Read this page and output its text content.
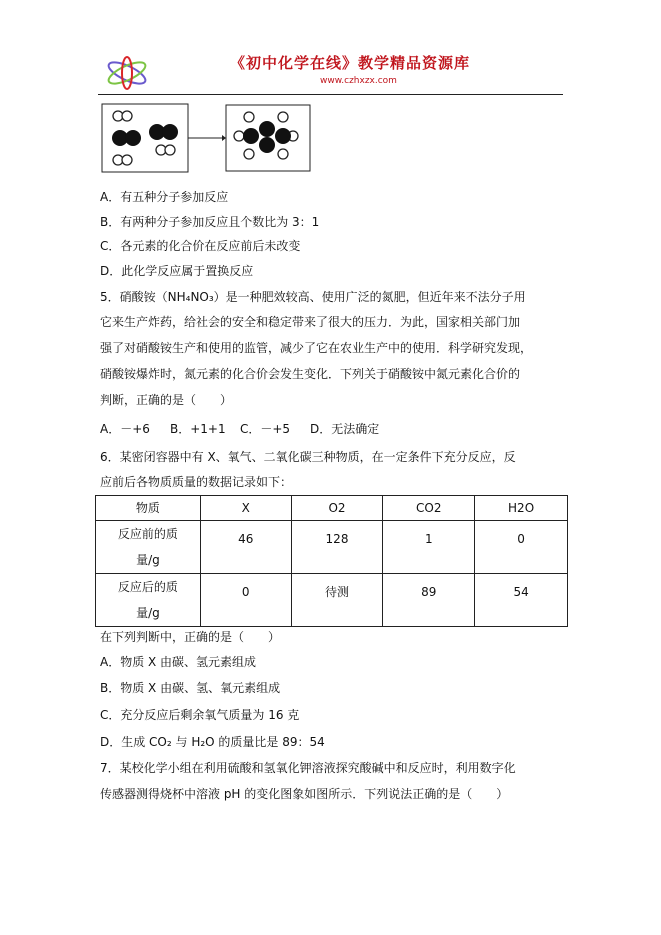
《初中化学在线》教学精品资源库
www.czhxzx.com
A．有五种分子参加反应
B．有两种分子参加反应且个数比为 3：1
C．各元素的化合价在反应前后未改变
D．此化学反应属于置换反应
5．硝酸铵（NH₄NO₃）是一种肥效较高、使用广泛的氮肥，但近年来不法分子用
它来生产炸药，给社会的安全和稳定带来了很大的压力．为此，国家相关部门加
强了对硝酸铵生产和使用的监管，减少了它在农业生产中的使用．科学研究发现，
硝酸铵爆炸时，氮元素的化合价会发生变化．下列关于硝酸铵中氮元素化合价的
判断，正确的是（　　）
A．－+6 B．+1+1 C．－+5 D．无法确定
6．某密闭容器中有 X、氧气、二氧化碳三种物质，在一定条件下充分反应，反
应前后各物质质量的数据记录如下：
物质	X	O2	CO2	H2O
反应前的质量/g	46	128	1	0
反应后的质量/g	0	待测	89	54
在下列判断中，正确的是（　　）
A．物质 X 由碳、氢元素组成
B．物质 X 由碳、氢、氧元素组成
C．充分反应后剩余氧气质量为 16 克
D．生成 CO₂ 与 H₂O 的质量比是 89：54
7．某校化学小组在利用硫酸和氢氧化钾溶液探究酸碱中和反应时，利用数字化
传感器测得烧杯中溶液 pH 的变化图象如图所示．下列说法正确的是（　　）
